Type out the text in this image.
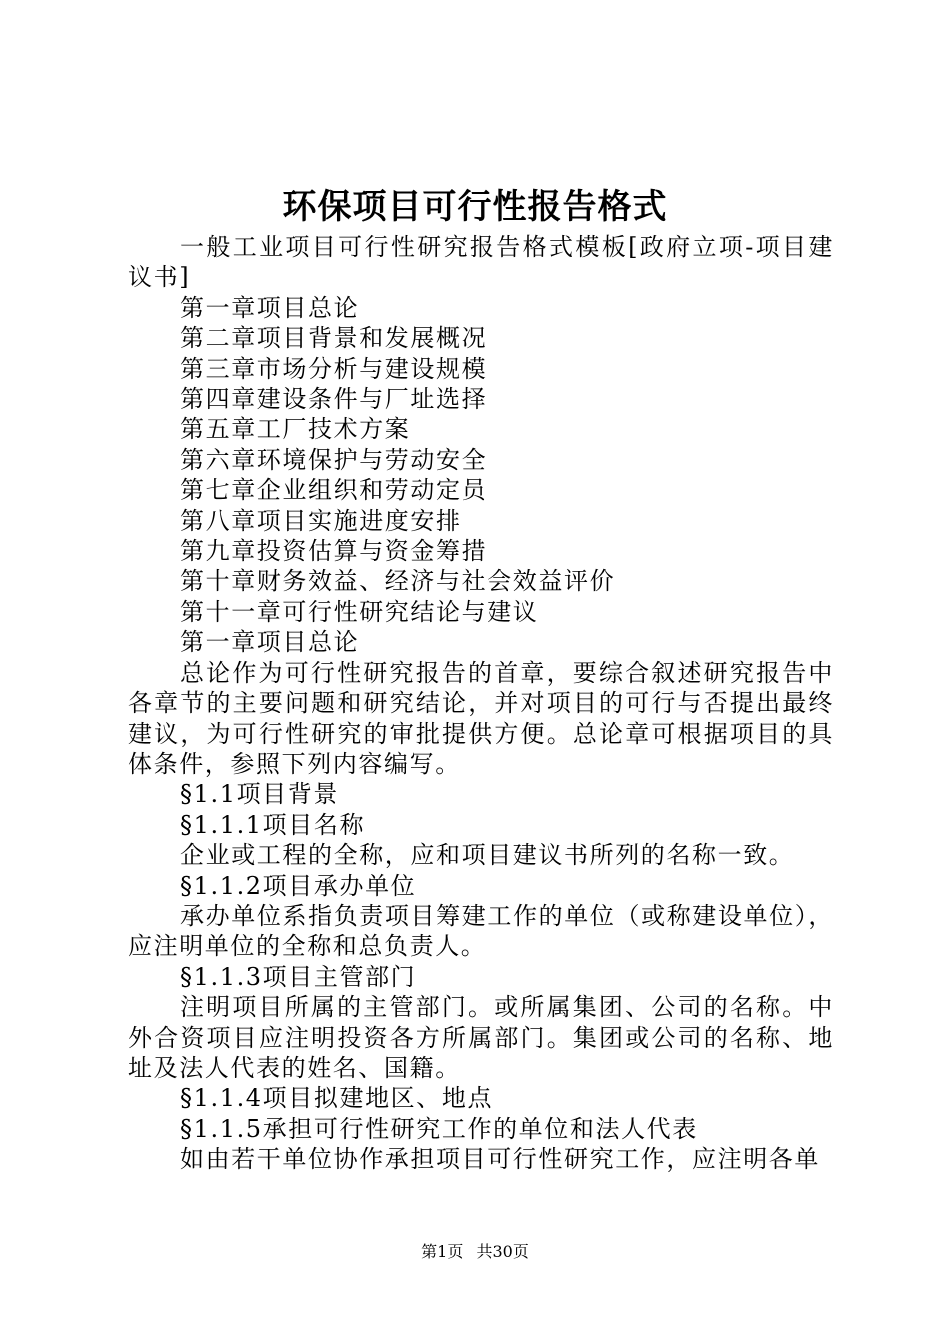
环保项目可行性报告格式

一般工业项目可行性研究报告格式模板[政府立项-项目建议书]

第一章项目总论

第二章项目背景和发展概况

第三章市场分析与建设规模

第四章建设条件与厂址选择

第五章工厂技术方案

第六章环境保护与劳动安全

第七章企业组织和劳动定员

第八章项目实施进度安排

第九章投资估算与资金筹措

第十章财务效益、经济与社会效益评价

第十一章可行性研究结论与建议

第一章项目总论

总论作为可行性研究报告的首章，要综合叙述研究报告中各章节的主要问题和研究结论，并对项目的可行与否提出最终建议，为可行性研究的审批提供方便。总论章可根据项目的具体条件，参照下列内容编写。

§1.1项目背景

§1.1.1项目名称

企业或工程的全称，应和项目建议书所列的名称一致。

§1.1.2项目承办单位

承办单位系指负责项目筹建工作的单位（或称建设单位），应注明单位的全称和总负责人。

§1.1.3项目主管部门

注明项目所属的主管部门。或所属集团、公司的名称。中外合资项目应注明投资各方所属部门。集团或公司的名称、地址及法人代表的姓名、国籍。

§1.1.4项目拟建地区、地点

§1.1.5承担可行性研究工作的单位和法人代表

如由若干单位协作承担项目可行性研究工作，应注明各单

第1页 共30页
